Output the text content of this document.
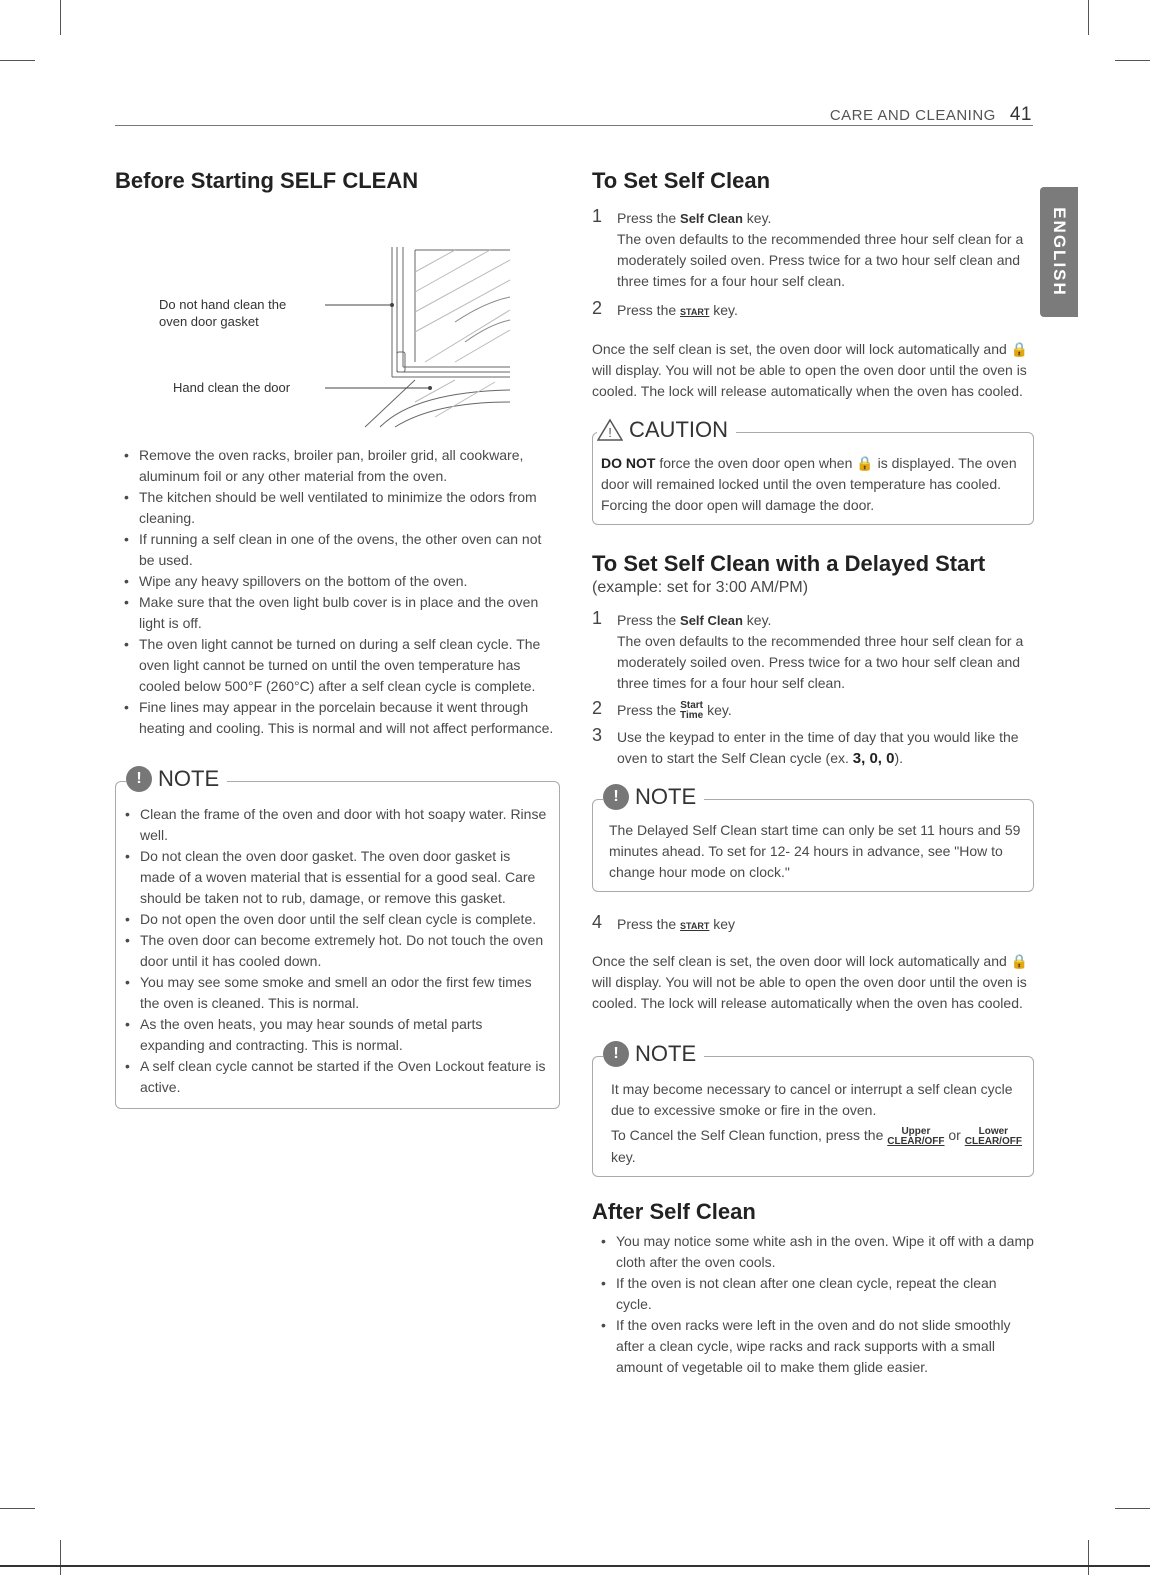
CARE AND CLEANING 41
ENGLISH
Before Starting SELF CLEAN
Do not hand clean the
oven door gasket
Hand clean the door
• Remove the oven racks, broiler pan, broiler grid, all cookware, aluminum foil or any other material from the oven.
• The kitchen should be well ventilated to minimize the odors from cleaning.
• If running a self clean in one of the ovens, the other oven can not be used.
• Wipe any heavy spillovers on the bottom of the oven.
• Make sure that the oven light bulb cover is in place and the oven light is off.
• The oven light cannot be turned on during a self clean cycle. The oven light cannot be turned on until the oven temperature has cooled below 500°F (260°C) after a self clean cycle is complete.
• Fine lines may appear in the porcelain because it went through heating and cooling. This is normal and will not affect performance.
! NOTE
• Clean the frame of the oven and door with hot soapy water. Rinse well.
• Do not clean the oven door gasket. The oven door gasket is made of a woven material that is essential for a good seal. Care should be taken not to rub, damage, or remove this gasket.
• Do not open the oven door until the self clean cycle is complete.
• The oven door can become extremely hot. Do not touch the oven door until it has cooled down.
• You may see some smoke and smell an odor the first few times the oven is cleaned. This is normal.
• As the oven heats, you may hear sounds of metal parts expanding and contracting. This is normal.
• A self clean cycle cannot be started if the Oven Lockout feature is active.
To Set Self Clean
1 Press the Self Clean key.
The oven defaults to the recommended three hour self clean for a moderately soiled oven. Press twice for a two hour self clean and three times for a four hour self clean.
2 Press the START key.
Once the self clean is set, the oven door will lock automatically and 🔒 will display. You will not be able to open the oven door until the oven is cooled. The lock will release automatically when the oven has cooled.
! CAUTION
DO NOT force the oven door open when 🔒 is displayed. The oven door will remained locked until the oven temperature has cooled. Forcing the door open will damage the door.
To Set Self Clean with a Delayed Start
(example: set for 3:00 AM/PM)
1 Press the Self Clean key.
The oven defaults to the recommended three hour self clean for a moderately soiled oven. Press twice for a two hour self clean and three times for a four hour self clean.
2 Press the Start
Time key.
3 Use the keypad to enter in the time of day that you would like the oven to start the Self Clean cycle (ex. 3, 0, 0).
! NOTE
The Delayed Self Clean start time can only be set 11 hours and 59 minutes ahead. To set for 12- 24 hours in advance, see "How to change hour mode on clock."
4 Press the START key
Once the self clean is set, the oven door will lock automatically and 🔒 will display. You will not be able to open the oven door until the oven is cooled. The lock will release automatically when the oven has cooled.
! NOTE
It may become necessary to cancel or interrupt a self clean cycle due to excessive smoke or fire in the oven.
To Cancel the Self Clean function, press the Upper
CLEAR/OFF or Lower
CLEAR/OFF key.
After Self Clean
• You may notice some white ash in the oven. Wipe it off with a damp cloth after the oven cools.
• If the oven is not clean after one clean cycle, repeat the clean cycle.
• If the oven racks were left in the oven and do not slide smoothly after a clean cycle, wipe racks and rack supports with a small amount of vegetable oil to make them glide easier.
